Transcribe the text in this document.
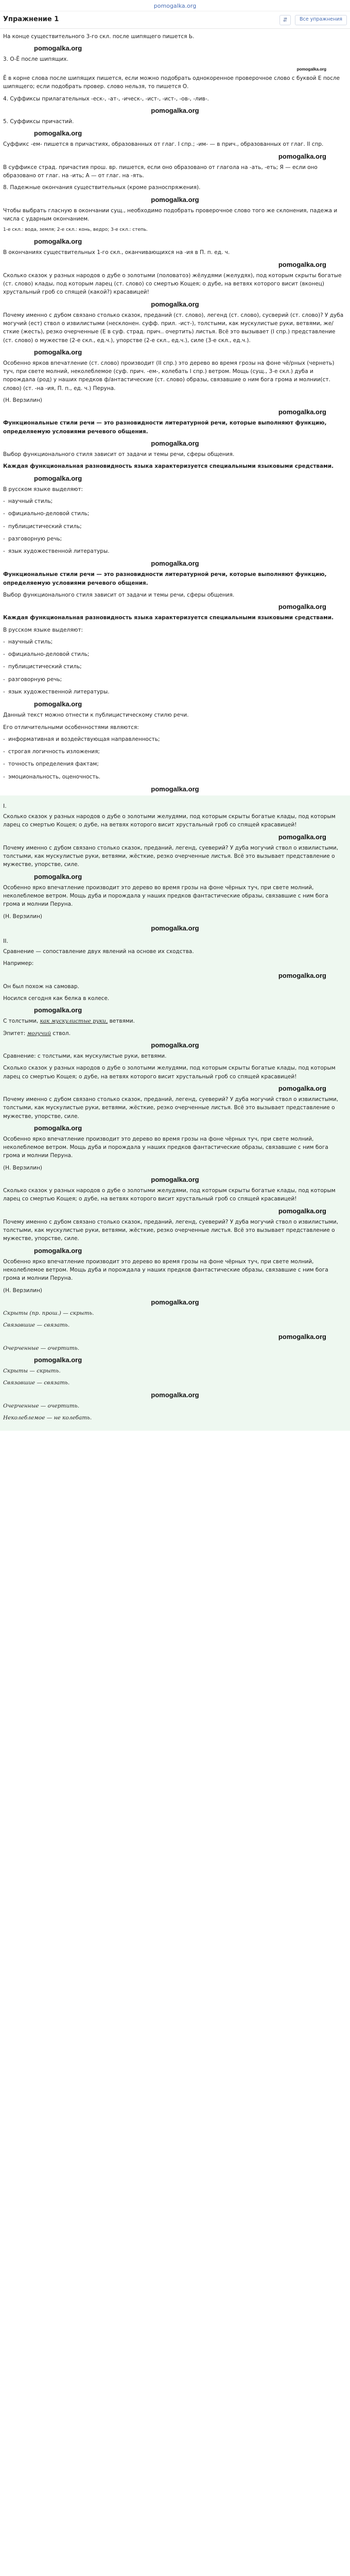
pomogalka.org
Упражнение 1	⇵	Все упражнения

На конце существительного 3-го скл. после шипящего пишется Ь.

pomogalka.org

3. О-Ё после шипящих.

pomogalka.org

Ё в корне слова после шипящих пишется, если можно подобрать однокоренное проверочное слово с буквой Е после шипящего; если подобрать провер. слово нельзя, то пишется О.

4. Суффиксы прилагательных -еск-, -ат-, -ическ-, -ист-, -ист-, -ов-, -лив-.

pomogalka.org

5. Суффиксы причастий.

pomogalka.org

Суффикс -ем- пишется в причастиях, образованных от глаг. I спр.; -им- — в прич., образованных от глаг. II спр.

pomogalka.org

В суффиксе страд. причастия прош. вр. пишется, если оно образовано от глагола на -ать, -еть; Я — если оно образовано от глаг. на -ить; А — от глаг. на -ять.

8. Падежные окончания существительных (кроме разноспряжения).

pomogalka.org

Чтобы выбрать гласную в окончании сущ., необходимо подобрать проверочное слово того же склонения, падежа и числа с ударным окончанием.

1-е скл.: вода, земля; 2-е скл.: конь, ведро; 3-е скл.: степь.

pomogalka.org

В окончаниях существительных 1-го скл., оканчивающихся на -ия в П. п. ед. ч.

pomogalka.org

Сколько сказок у разных народов о дубе о золотыми (половатоэ) жёлудями (желудях), под которым скрыты богатые (ст. слово) клады, под которым ларец (ст. слово) со смертью Кощея; о дубе, на ветвях которого висит (вконец) хрустальный гроб со спящей (какой?) красавицей!

pomogalka.org

Почему именно с дубом связано столько сказок, преданий (ст. слово), легенд (ст. слово), сусверий (ст. слово)? У дуба могучий (ест) ствол о извилистыми (несклонен. суфф. прил. -ист-), толстыми, как мускулистые руки, ветвями, же/ сткие (жесть), резко очерченные (Е в суф. страд. прич.. очертить) листья. Всё это вызывает (I спр.) представление (ст. слово) о мужестве (2-е скл., ед.ч.), упорстве (2-е скл., ед.ч.), силе (3-е скл., ед.ч.).

pomogalka.org

Особенно ярков впечатление (ст. слово) производит (II спр.) это дерево во время грозы на фоне чё/рных (чернеть) туч, при свете молний, неколеблемое (суф. прич. -ем-, колебать I спр.) ветром. Мощь (сущ., 3-е скл.) дуба и порождала (род) у наших предков ф/антастические (ст. слово) образы, связавшие о ним бога грома и молнии(ст. слово) (ст. -на -ия, П. п., ед. ч.) Перуна.

(Н. Верзилин)

pomogalka.org

Функциональные стили речи — это разновидности литературной речи, которые выполняют функцию, определяемую условиями речевого общения.

pomogalka.org

Выбор функционального стиля зависит от задачи и темы речи, сферы общения.

Каждая функциональная разновидность языка характеризуется специальными языковыми средствами.

pomogalka.org

В русском языке выделяют:

- научный стиль;
- официально-деловой стиль;
- публицистический стиль;
- разговорную речь;
- язык художественной литературы.
pomogalka.org

Функциональные стили речи — это разновидности литературной речи, которые выполняют функцию, определяемую условиями речевого общения.

Выбор функционального стиля зависит от задачи и темы речи, сферы общения.

pomogalka.org

Каждая функциональная разновидность языка характеризуется специальными языковыми средствами.

В русском языке выделяют:

- научный стиль;
- официально-деловой стиль;
- публицистический стиль;
- разговорную речь;
- язык художественной литературы.
pomogalka.org

Данный текст можно отнести к публицистическому стилю речи.

Его отличительными особенностями являются:

- информативная и воздействующая направленность;
- строгая логичность изложения;
- точность определения фактам;
- эмоциональность, оценочность.
pomogalka.org
I.

Сколько сказок у разных народов о дубе о золотыми желудями, под которым скрыты богатые клады, под которым ларец со смертью Кощея; о дубе, на ветвях которого висит хрустальный гроб со спящей красавицей!

pomogalka.org

Почему именно с дубом связано столько сказок, преданий, легенд, суеверий? У дуба могучий ствол о извилистыми, толстыми, как мускулистые руки, ветвями, жёсткие, резко очерченные листья. Всё это вызывает представление о мужестве, упорстве, силе.

pomogalka.org

Особенно ярко впечатление производит это дерево во время грозы на фоне чёрных туч, при свете молний, неколеблемое ветром. Мощь дуба и порождала у наших предков фантастические образы, связавшие с ним бога грома и молнии Перуна.

(Н. Верзилин)

pomogalka.org
II.

Сравнение — сопоставление двух явлений на основе их сходства.

Например:

pomogalka.org

Он был похож на самовар.

Носился сегодня как белка в колесе.

pomogalka.org

С толстыми, как мускулистые руки, ветвями.

Эпитет: могучий ствол.

pomogalka.org

Сравнение: с толстыми, как мускулистые руки, ветвями.

Сколько сказок у разных народов о дубе о золотыми желудями, под которым скрыты богатые клады, под которым ларец со смертью Кощея; о дубе, на ветвях которого висит хрустальный гроб со спящей красавицей!

pomogalka.org

Почему именно с дубом связано столько сказок, преданий, легенд, суеверий? У дуба могучий ствол о извилистыми, толстыми, как мускулистые руки, ветвями, жёсткие, резко очерченные листья. Всё это вызывает представление о мужестве, упорстве, силе.

pomogalka.org

Особенно ярко впечатление производит это дерево во время грозы на фоне чёрных туч, при свете молний, неколеблемое ветром. Мощь дуба и порождала у наших предков фантастические образы, связавшие с ним бога грома и молнии Перуна.

(Н. Верзилин)

pomogalka.org

Сколько сказок у разных народов о дубе о золотыми желудями, под которым скрыты богатые клады, под которым ларец со смертью Кощея; о дубе, на ветвях которого висит хрустальный гроб со спящей красавицей!

pomogalka.org

Почему именно с дубом связано столько сказок, преданий, легенд, суеверий? У дуба могучий ствол о извилистыми, толстыми, как мускулистые руки, ветвями, жёсткие, резко очерченные листья. Всё это вызывает представление о мужестве, упорстве, силе.

pomogalka.org

Особенно ярко впечатление производит это дерево во время грозы на фоне чёрных туч, при свете молний, неколеблемое ветром. Мощь дуба и порождала у наших предков фантастические образы, связавшие с ним бога грома и молнии Перуна.

(Н. Верзилин)

pomogalka.org

Скрыты (пр. прош.) — скрыть.

Связавшие — связать.

pomogalka.org

Очерченные — очертить.

pomogalka.org

Скрыты — скрыть.

Связавшие — связать.

pomogalka.org

Очерченные — очертить.

Неколеблемое — не колебать.
